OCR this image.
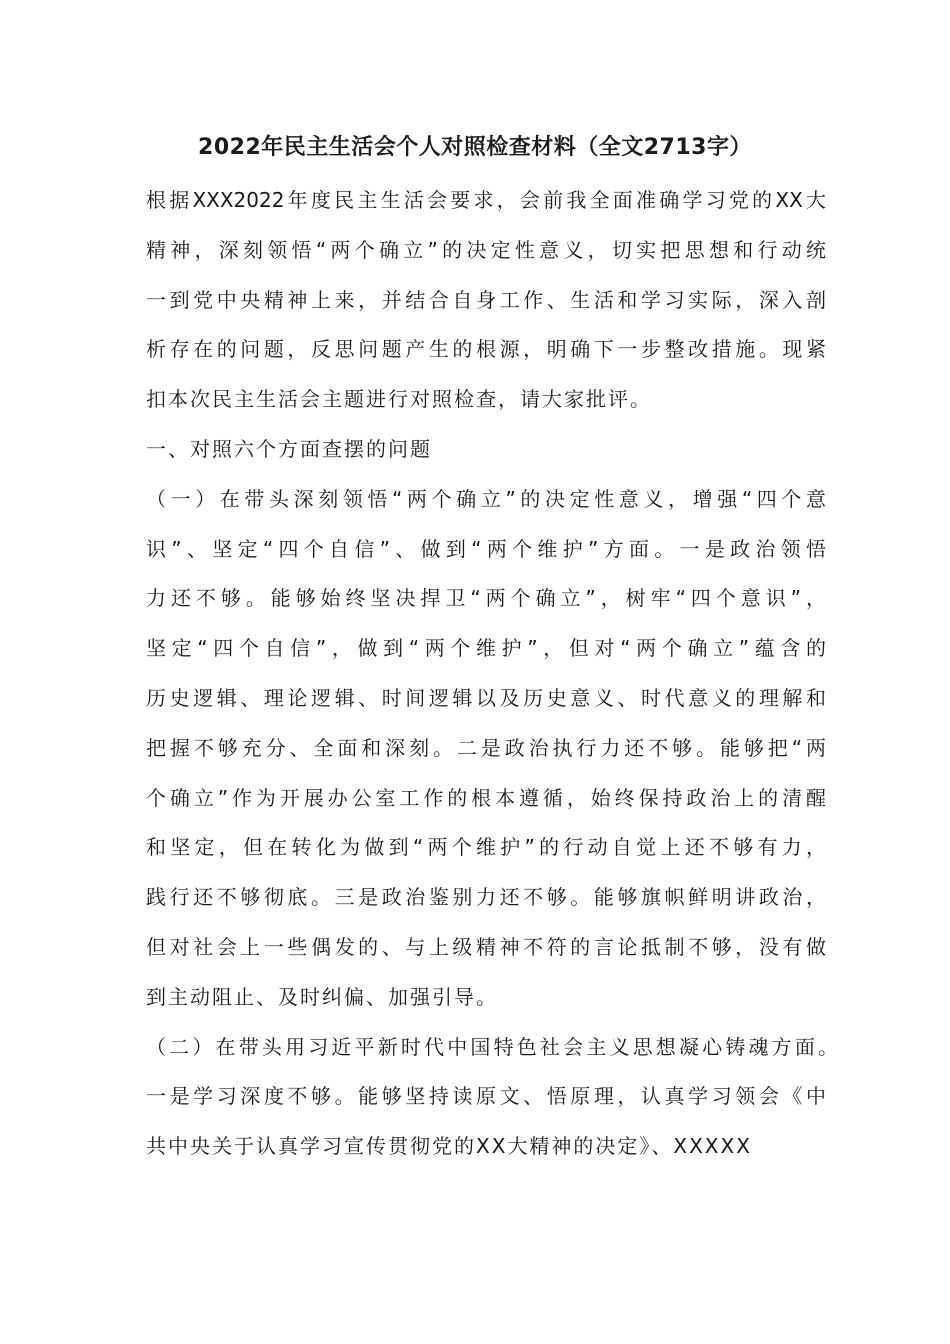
2022年民主生活会个人对照检查材料（全文2713字）
根据XXX2022年度民主生活会要求，会前我全面准确学习党的XX大
精神，深刻领悟“两个确立”的决定性意义，切实把思想和行动统
一到党中央精神上来，并结合自身工作、生活和学习实际，深入剖
析存在的问题，反思问题产生的根源，明确下一步整改措施。现紧
扣本次民主生活会主题进行对照检查，请大家批评。
一、对照六个方面查摆的问题
（一）在带头深刻领悟“两个确立”的决定性意义，增强“四个意
识”、坚定“四个自信”、做到“两个维护”方面。一是政治领悟
力还不够。能够始终坚决捍卫“两个确立”，树牢“四个意识”，
坚定“四个自信”，做到“两个维护”，但对“两个确立”蕴含的
历史逻辑、理论逻辑、时间逻辑以及历史意义、时代意义的理解和
把握不够充分、全面和深刻。二是政治执行力还不够。能够把“两
个确立”作为开展办公室工作的根本遵循，始终保持政治上的清醒
和坚定，但在转化为做到“两个维护”的行动自觉上还不够有力，
践行还不够彻底。三是政治鉴别力还不够。能够旗帜鲜明讲政治，
但对社会上一些偶发的、与上级精神不符的言论抵制不够，没有做
到主动阻止、及时纠偏、加强引导。
（二）在带头用习近平新时代中国特色社会主义思想凝心铸魂方面。
一是学习深度不够。能够坚持读原文、悟原理，认真学习领会《中
共中央关于认真学习宣传贯彻党的XX大精神的决定》、XXXXX
